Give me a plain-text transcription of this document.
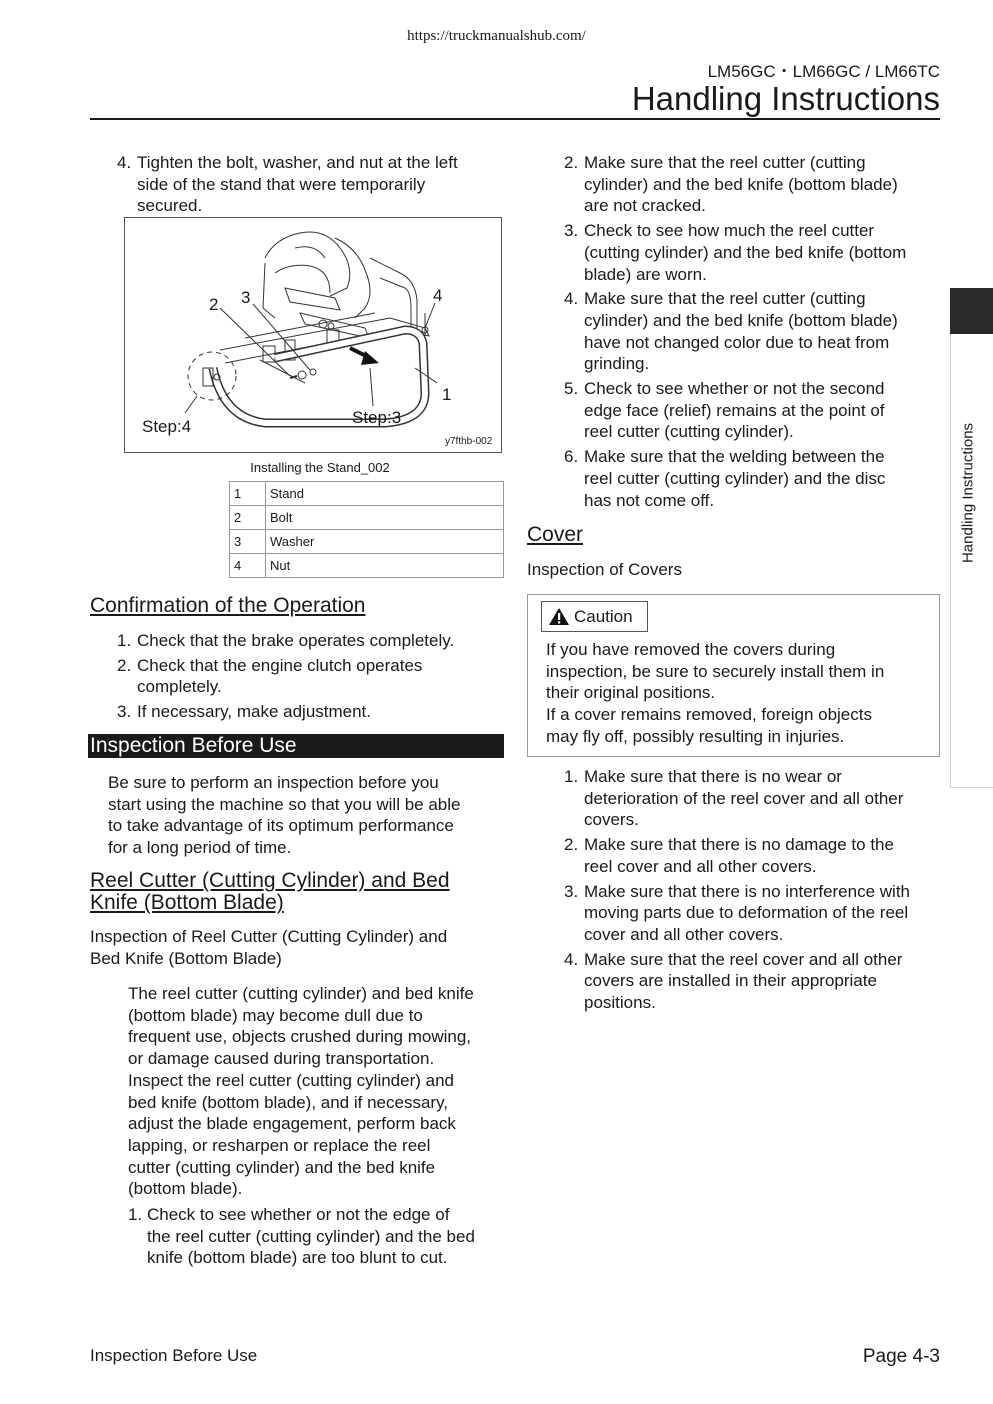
https://truckmanualshub.com/
LM56GC・LM66GC / LM66TC
Handling Instructions
Handling Instructions
4. Tighten the bolt, washer, and nut at the left
side of the stand that were temporarily
secured.
2 3	4
1
Step:3
Step:4
y7fthb-002
Installing the Stand_002
1	Stand
2	Bolt
3	Washer
4	Nut
Confirmation of the Operation
1. Check that the brake operates completely.
2. Check that the engine clutch operates
completely.
3. If necessary, make adjustment.
Inspection Before Use
Be sure to perform an inspection before you
start using the machine so that you will be able
to take advantage of its optimum performance
for a long period of time.
Reel Cutter (Cutting Cylinder) and Bed
Knife (Bottom Blade)
Inspection of Reel Cutter (Cutting Cylinder) and
Bed Knife (Bottom Blade)
The reel cutter (cutting cylinder) and bed knife
(bottom blade) may become dull due to
frequent use, objects crushed during mowing,
or damage caused during transportation.
Inspect the reel cutter (cutting cylinder) and
bed knife (bottom blade), and if necessary,
adjust the blade engagement, perform back
lapping, or resharpen or replace the reel
cutter (cutting cylinder) and the bed knife
(bottom blade).
1. Check to see whether or not the edge of
the reel cutter (cutting cylinder) and the bed
knife (bottom blade) are too blunt to cut.
2. Make sure that the reel cutter (cutting
cylinder) and the bed knife (bottom blade)
are not cracked.
3. Check to see how much the reel cutter
(cutting cylinder) and the bed knife (bottom
blade) are worn.
4. Make sure that the reel cutter (cutting
cylinder) and the bed knife (bottom blade)
have not changed color due to heat from
grinding.
5. Check to see whether or not the second
edge face (relief) remains at the point of
reel cutter (cutting cylinder).
6. Make sure that the welding between the
reel cutter (cutting cylinder) and the disc
has not come off.
Cover
Inspection of Covers
Caution
If you have removed the covers during
inspection, be sure to securely install them in
their original positions.
If a cover remains removed, foreign objects
may fly off, possibly resulting in injuries.
1. Make sure that there is no wear or
deterioration of the reel cover and all other
covers.
2. Make sure that there is no damage to the
reel cover and all other covers.
3. Make sure that there is no interference with
moving parts due to deformation of the reel
cover and all other covers.
4. Make sure that the reel cover and all other
covers are installed in their appropriate
positions.
Inspection Before Use	Page 4-3
